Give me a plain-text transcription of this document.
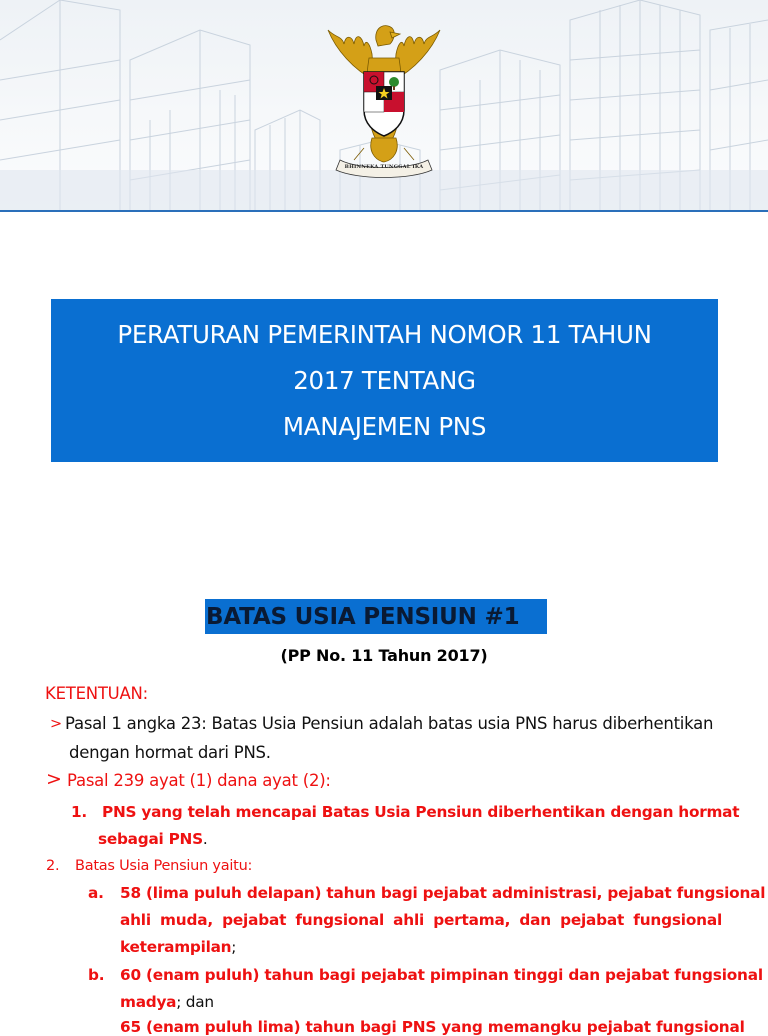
BHINNEKA TUNGGAL IKA
PERATURAN PEMERINTAH NOMOR 11 TAHUN
2017 TENTANG
MANAJEMEN PNS
BATAS USIA PENSIUN #1
(PP No. 11 Tahun 2017)
KETENTUAN:
> Pasal 1 angka 23: Batas Usia Pensiun adalah batas usia PNS harus diberhentikan
dengan hormat dari PNS.
> Pasal 239 ayat (1) dana ayat (2):
1. PNS yang telah mencapai Batas Usia Pensiun diberhentikan dengan hormat
sebagai PNS.
2. Batas Usia Pensiun yaitu:
a. 58 (lima puluh delapan) tahun bagi pejabat administrasi, pejabat fungsional
ahli muda, pejabat fungsional ahli pertama, dan pejabat fungsional
keterampilan;
b. 60 (enam puluh) tahun bagi pejabat pimpinan tinggi dan pejabat fungsional
madya; dan
65 (enam puluh lima) tahun bagi PNS yang memangku pejabat fungsional
